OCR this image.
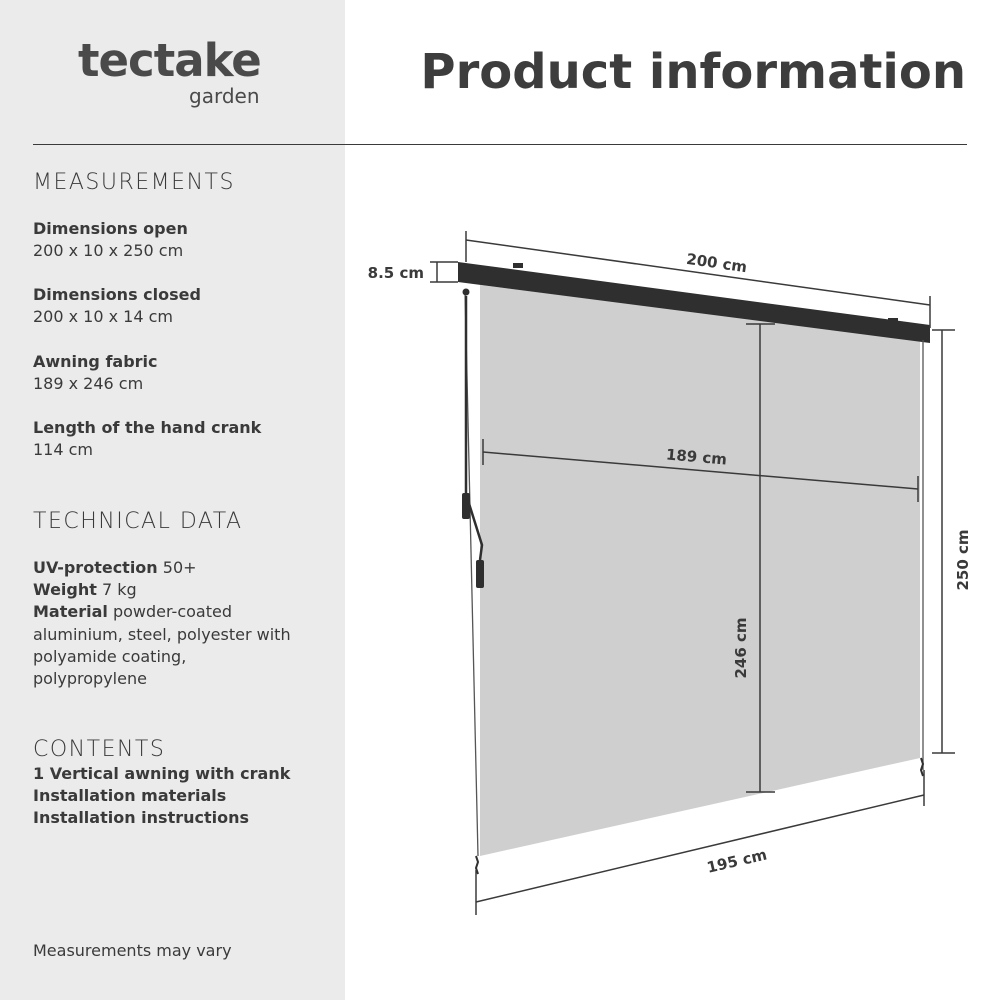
tectake
garden	Product information
MEASUREMENTS
Dimensions open
200 x 10 x 250 cm
Dimensions closed
200 x 10 x 14 cm
Awning fabric
189 x 246 cm
Length of the hand crank
114 cm
TECHNICAL DATA
UV-protection 50+
Weight 7 kg
Material powder-coated
aluminium, steel, polyester with
polyamide coating,
polypropylene
CONTENTS
1 Vertical awning with crank
Installation materials
Installation instructions
Measurements may vary
200 cm
8.5 cm
189 cm
246 cm
250 cm
195 cm
